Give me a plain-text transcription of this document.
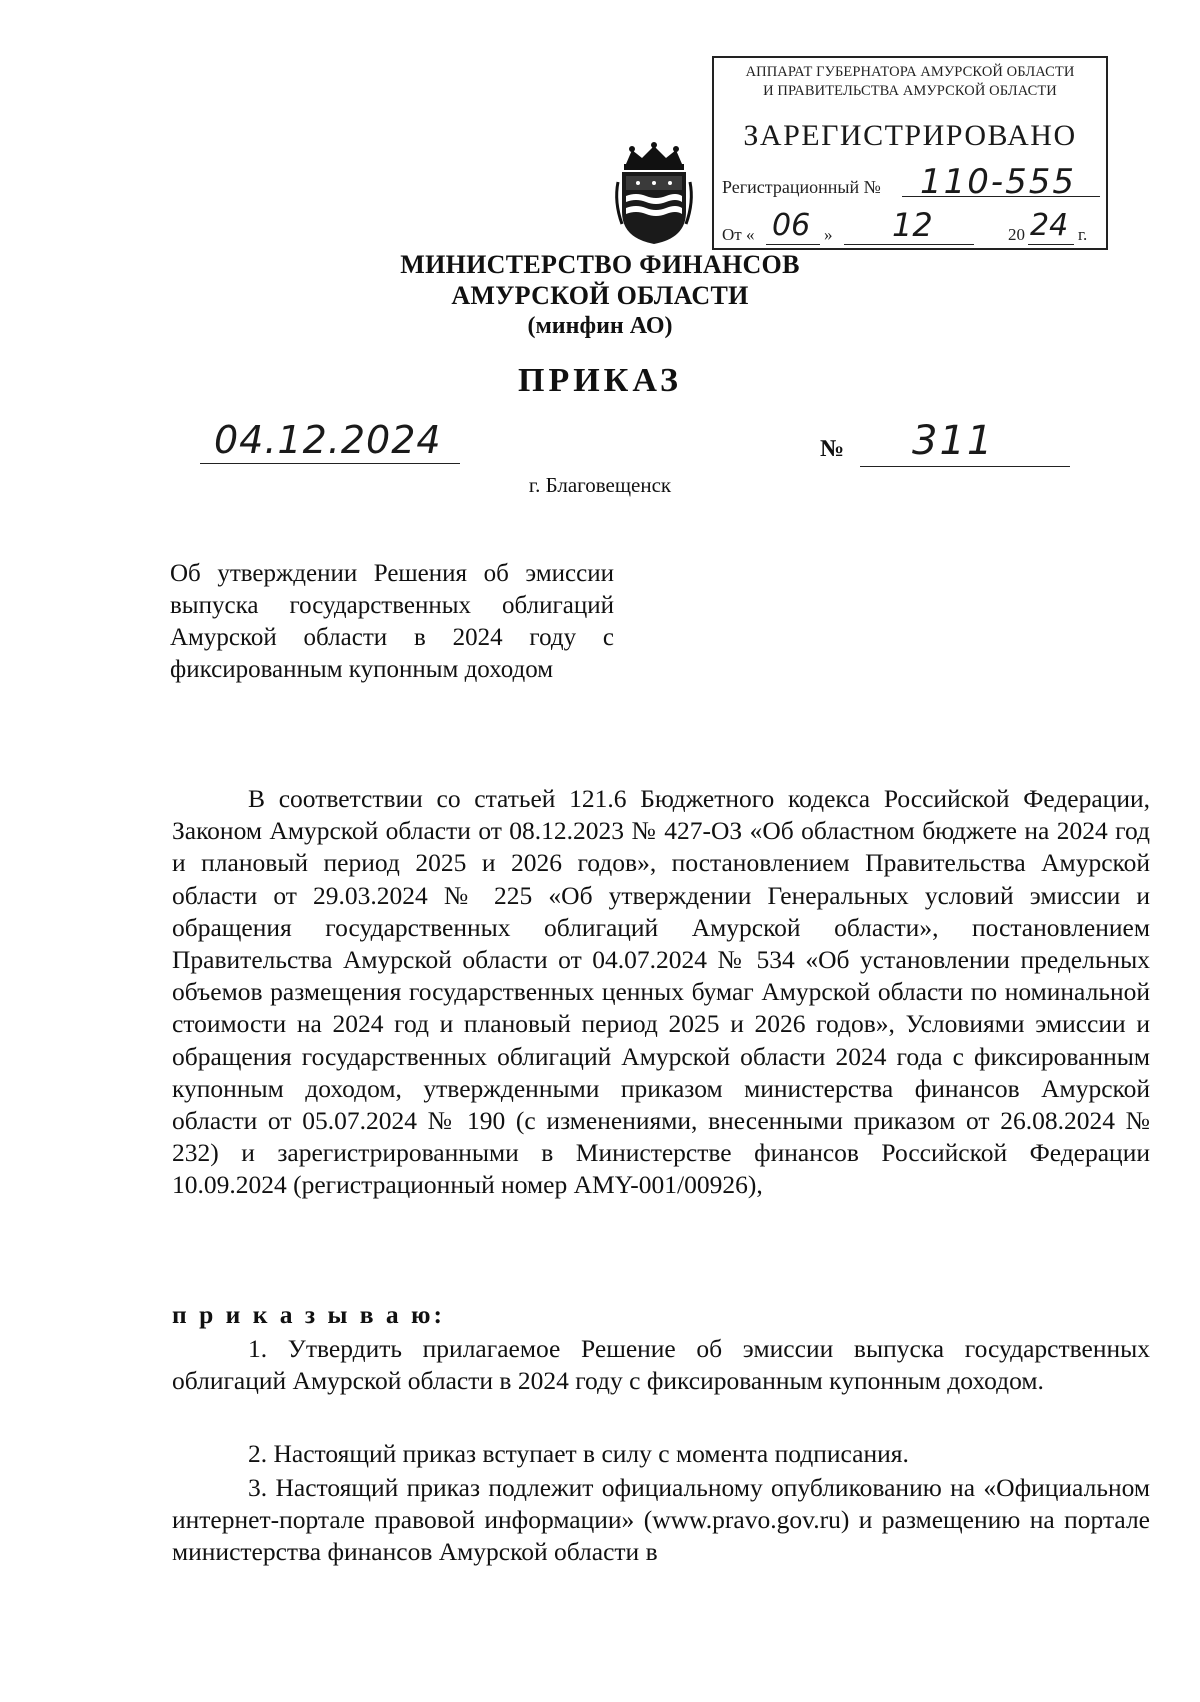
АППАРАТ ГУБЕРНАТОРА АМУРСКОЙ ОБЛАСТИ
И ПРАВИТЕЛЬСТВА АМУРСКОЙ ОБЛАСТИ
ЗАРЕГИСТРИРОВАНО
Регистрационный № 110-555
От « 06 » 12	20 24 г.
МИНИСТЕРСТВО ФИНАНСОВ
АМУРСКОЙ ОБЛАСТИ
(минфин АО)
ПРИКАЗ
04.12.2024	№ 311
г. Благовещенск

Об утверждении Решения об эмиссии выпуска государственных облигаций Амурской области в 2024 году с фиксированным купонным доходом

В соответствии со статьей 121.6 Бюджетного кодекса Российской Федерации, Законом Амурской области от 08.12.2023 № 427-ОЗ «Об областном бюджете на 2024 год и плановый период 2025 и 2026 годов», постановлением Правительства Амурской области от 29.03.2024 № 225 «Об утверждении Генеральных условий эмиссии и обращения государственных облигаций Амурской области», постановлением Правительства Амурской области от 04.07.2024 № 534 «Об установлении предельных объемов размещения государственных ценных бумаг Амурской области по номинальной стоимости на 2024 год и плановый период 2025 и 2026 годов», Условиями эмиссии и обращения государственных облигаций Амурской области 2024 года с фиксированным купонным доходом, утвержденными приказом министерства финансов Амурской области от 05.07.2024 № 190 (с изменениями, внесенными приказом от 26.08.2024 № 232) и зарегистрированными в Министерстве финансов Российской Федерации 10.09.2024 (регистрационный номер AMY-001/00926),

п р и к а з ы в а ю:

1. Утвердить прилагаемое Решение об эмиссии выпуска государственных облигаций Амурской области в 2024 году с фиксированным купонным доходом.

2. Настоящий приказ вступает в силу с момента подписания.

3. Настоящий приказ подлежит официальному опубликованию на «Официальном интернет-портале правовой информации» (www.pravo.gov.ru) и размещению на портале министерства финансов Амурской области в
